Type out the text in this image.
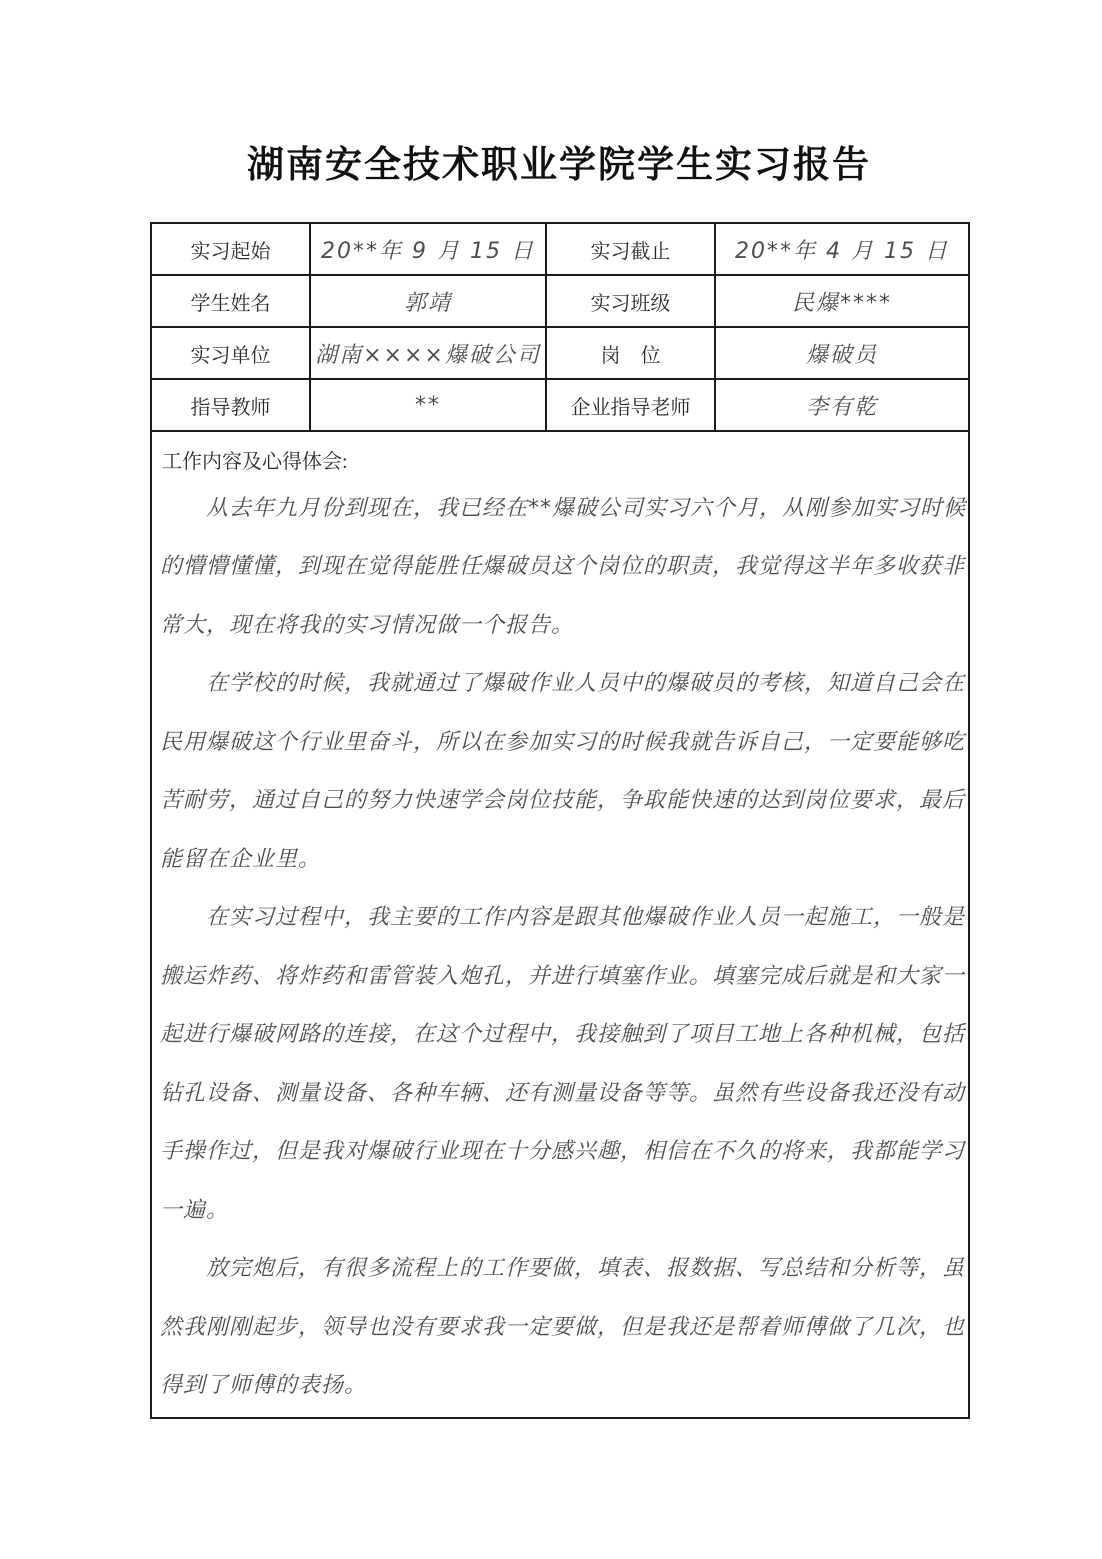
湖南安全技术职业学院学生实习报告
实习起始	20**年 9 月 15 日	实习截止	20**年 4 月 15 日
学生姓名	郭靖	实习班级	民爆****
实习单位	湖南××××爆破公司	岗　位	爆破员
指导教师	**	企业指导老师	李有乾

工作内容及心得体会:
从去年九月份到现在，我已经在**爆破公司实习六个月，从刚参加实习时候
的懵懵懂懂，到现在觉得能胜任爆破员这个岗位的职责，我觉得这半年多收获非
常大，现在将我的实习情况做一个报告。
在学校的时候，我就通过了爆破作业人员中的爆破员的考核，知道自己会在
民用爆破这个行业里奋斗，所以在参加实习的时候我就告诉自己，一定要能够吃
苦耐劳，通过自己的努力快速学会岗位技能，争取能快速的达到岗位要求，最后
能留在企业里。
在实习过程中，我主要的工作内容是跟其他爆破作业人员一起施工，一般是
搬运炸药、将炸药和雷管装入炮孔，并进行填塞作业。填塞完成后就是和大家一
起进行爆破网路的连接，在这个过程中，我接触到了项目工地上各种机械，包括
钻孔设备、测量设备、各种车辆、还有测量设备等等。虽然有些设备我还没有动
手操作过，但是我对爆破行业现在十分感兴趣，相信在不久的将来，我都能学习
一遍。
放完炮后，有很多流程上的工作要做，填表、报数据、写总结和分析等，虽
然我刚刚起步，领导也没有要求我一定要做，但是我还是帮着师傅做了几次，也
得到了师傅的表扬。
